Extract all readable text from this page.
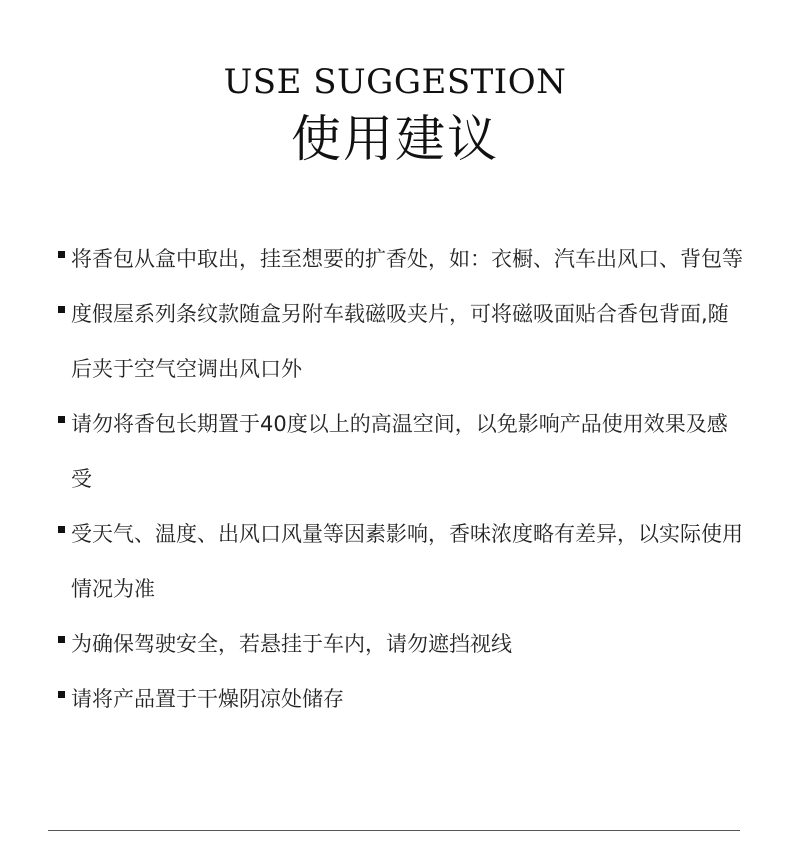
USE SUGGESTION
使用建议
将香包从盒中取出，挂至想要的扩香处，如：衣橱、汽车出风口、背包等
度假屋系列条纹款随盒另附车载磁吸夹片，可将磁吸面贴合香包背面,随后夹于空气空调出风口外
请勿将香包长期置于40度以上的高温空间，以免影响产品使用效果及感受
受天气、温度、出风口风量等因素影响，香味浓度略有差异，以实际使用情况为准
为确保驾驶安全，若悬挂于车内，请勿遮挡视线
请将产品置于干燥阴凉处储存
